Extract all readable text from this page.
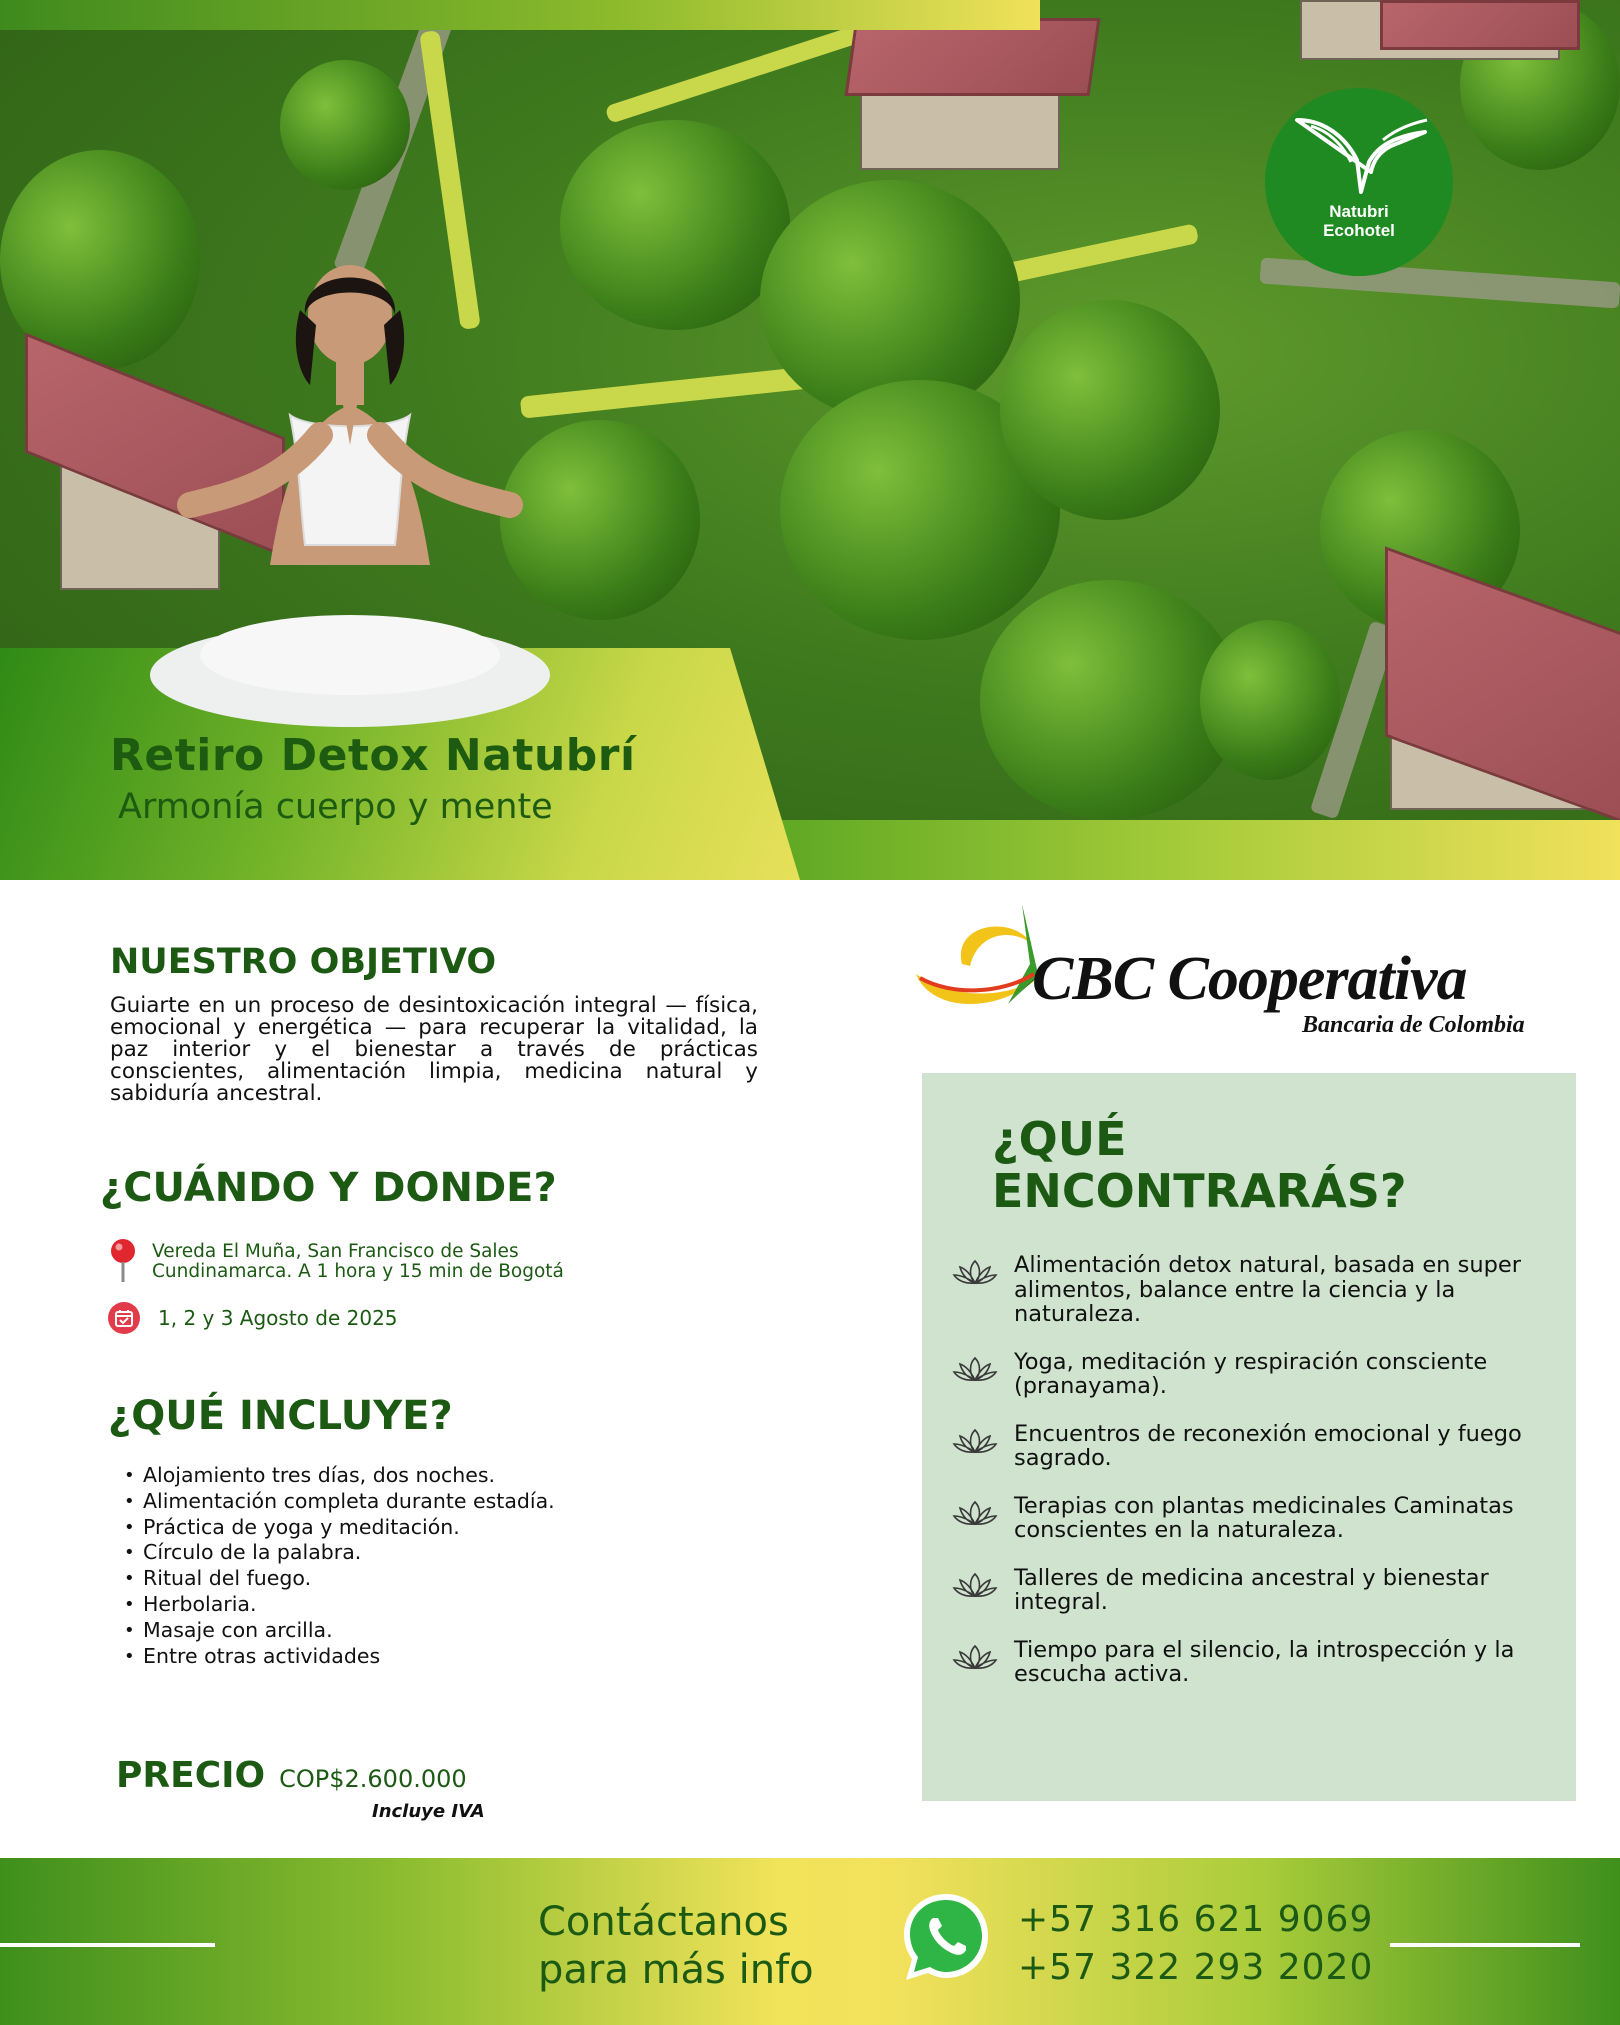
Natubri
Ecohotel
Retiro Detox Natubrí
Armonía cuerpo y mente
NUESTRO OBJETIVO
Guiarte en un proceso de desintoxicación integral — física, emocional y energética — para recuperar la vitalidad, la paz interior y el bienestar a través de prácticas conscientes, alimentación limpia, medicina natural y sabiduría ancestral.
¿CUÁNDO Y DONDE?
Vereda El Muña, San Francisco de Sales
Cundinamarca. A 1 hora y 15 min de Bogotá
1, 2 y 3 Agosto de 2025
¿QUÉ INCLUYE?
• Alojamiento tres días, dos noches.
• Alimentación completa durante estadía.
• Práctica de yoga y meditación.
• Círculo de la palabra.
• Ritual del fuego.
• Herbolaria.
• Masaje con arcilla.
• Entre otras actividades
PRECIO COP$2.600.000
Incluye IVA
CBC Cooperativa
Bancaria de Colombia
¿QUÉ ENCONTRARÁS?
Alimentación detox natural, basada en super alimentos, balance entre la ciencia y la naturaleza.
Yoga, meditación y respiración consciente (pranayama).
Encuentros de reconexión emocional y fuego sagrado.
Terapias con plantas medicinales Caminatas conscientes en la naturaleza.
Talleres de medicina ancestral y bienestar integral.
Tiempo para el silencio, la introspección y la escucha activa.
Contáctanos
para más info
+57 316 621 9069
+57 322 293 2020
